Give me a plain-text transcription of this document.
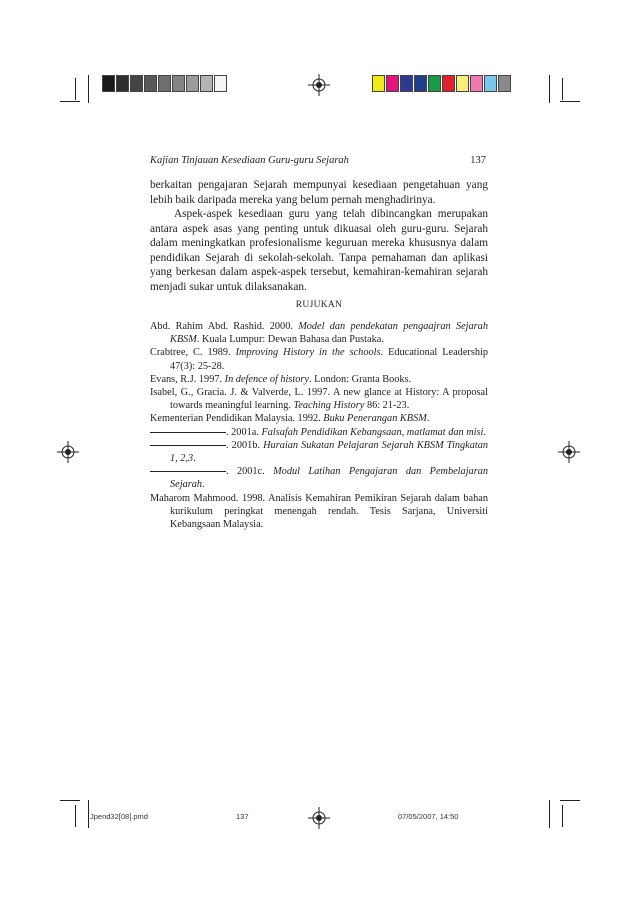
Kajian Tinjauan Kesediaan Guru-guru Sejarah	137

berkaitan pengajaran Sejarah mempunyai kesediaan pengetahuan yang lebih baik daripada mereka yang belum pernah menghadirinya.

Aspek-aspek kesediaan guru yang telah dibincangkan merupakan antara aspek asas yang penting untuk dikuasai oleh guru-guru. Sejarah dalam meningkatkan profesionalisme keguruan mereka khususnya dalam pendidikan Sejarah di sekolah-sekolah. Tanpa pemahaman dan aplikasi yang berkesan dalam aspek-aspek tersebut, kemahiran-kemahiran sejarah menjadi sukar untuk dilaksanakan.

RUJUKAN

Abd. Rahim Abd. Rashid. 2000. Model dan pendekatan pengaajran Sejarah KBSM. Kuala Lumpur: Dewan Bahasa dan Pustaka.

Crabtree, C. 1989. Improving History in the schools. Educational Leadership 47(3): 25-28.

Evans, R.J. 1997. In defence of history. London: Granta Books.

Isabel, G., Gracia. J. & Valverde, L. 1997. A new glance at History: A proposal towards meaningful learning. Teaching History 86: 21-23.

Kementerian Pendidikan Malaysia. 1992. Buku Penerangan KBSM.

. 2001a. Falsafah Pendidikan Kebangsaan, matlamat dan misi.

. 2001b. Huraian Sukatan Pelajaran Sejarah KBSM Tingkatan 1, 2,3.

. 2001c. Modul Latihan Pengajaran dan Pembelajaran Sejarah.

Maharom Mahmood. 1998. Analisis Kemahiran Pemikiran Sejarah dalam bahan kurikulum peringkat menengah rendah. Tesis Sarjana, Universiti Kebangsaan Malaysia.

Jpend32[08].pmd	137	07/05/2007, 14:50
